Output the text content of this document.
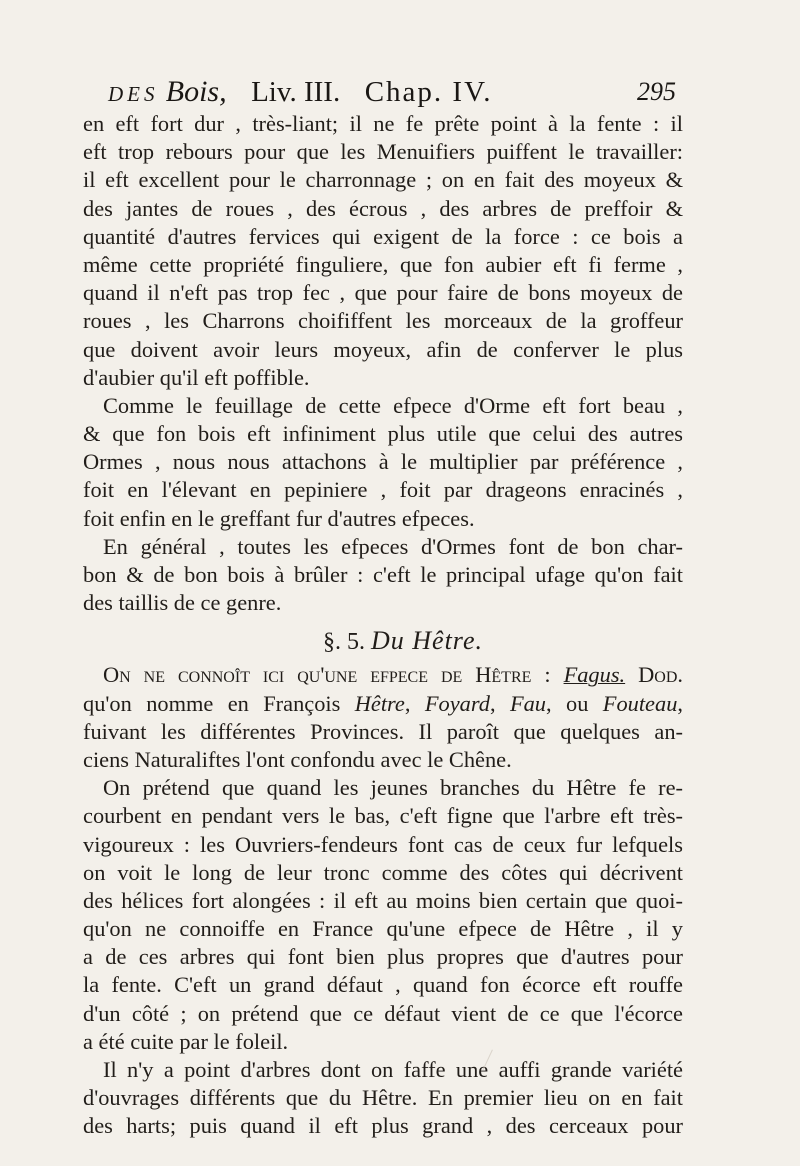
DES Bois, Liv. III. Chap. IV.	295
en eft fort dur , très-liant; il ne fe prête point à la fente : il
eft trop rebours pour que les Menuifiers puiffent le travailler:
il eft excellent pour le charronnage ; on en fait des moyeux &
des jantes de roues , des écrous , des arbres de preffoir &
quantité d'autres fervices qui exigent de la force : ce bois a
même cette propriété finguliere, que fon aubier eft fi ferme ,
quand il n'eft pas trop fec , que pour faire de bons moyeux de
roues , les Charrons choififfent les morceaux de la groffeur
que doivent avoir leurs moyeux, afin de conferver le plus
d'aubier qu'il eft poffible.
Comme le feuillage de cette efpece d'Orme eft fort beau ,
& que fon bois eft infiniment plus utile que celui des autres
Ormes , nous nous attachons à le multiplier par préférence ,
foit en l'élevant en pepiniere , foit par drageons enracinés ,
foit enfin en le greffant fur d'autres efpeces.
En général , toutes les efpeces d'Ormes font de bon char-
bon & de bon bois à brûler : c'eft le principal ufage qu'on fait
des taillis de ce genre.
§. 5. Du Hêtre.
On ne connoît ici qu'une efpece de Hêtre : Fagus. Dod.
qu'on nomme en François Hêtre, Foyard, Fau, ou Fouteau,
fuivant les différentes Provinces. Il paroît que quelques an-
ciens Naturaliftes l'ont confondu avec le Chêne.
On prétend que quand les jeunes branches du Hêtre fe re-
courbent en pendant vers le bas, c'eft figne que l'arbre eft très-
vigoureux : les Ouvriers-fendeurs font cas de ceux fur lefquels
on voit le long de leur tronc comme des côtes qui décrivent
des hélices fort alongées : il eft au moins bien certain que quoi-
qu'on ne connoiffe en France qu'une efpece de Hêtre , il y
a de ces arbres qui font bien plus propres que d'autres pour
la fente. C'eft un grand défaut , quand fon écorce eft rouffe
d'un côté ; on prétend que ce défaut vient de ce que l'écorce
a été cuite par le foleil.
Il n'y a point d'arbres dont on faffe une auffi grande variété
d'ouvrages différents que du Hêtre. En premier lieu on en fait
des harts; puis quand il eft plus grand , des cerceaux pour
